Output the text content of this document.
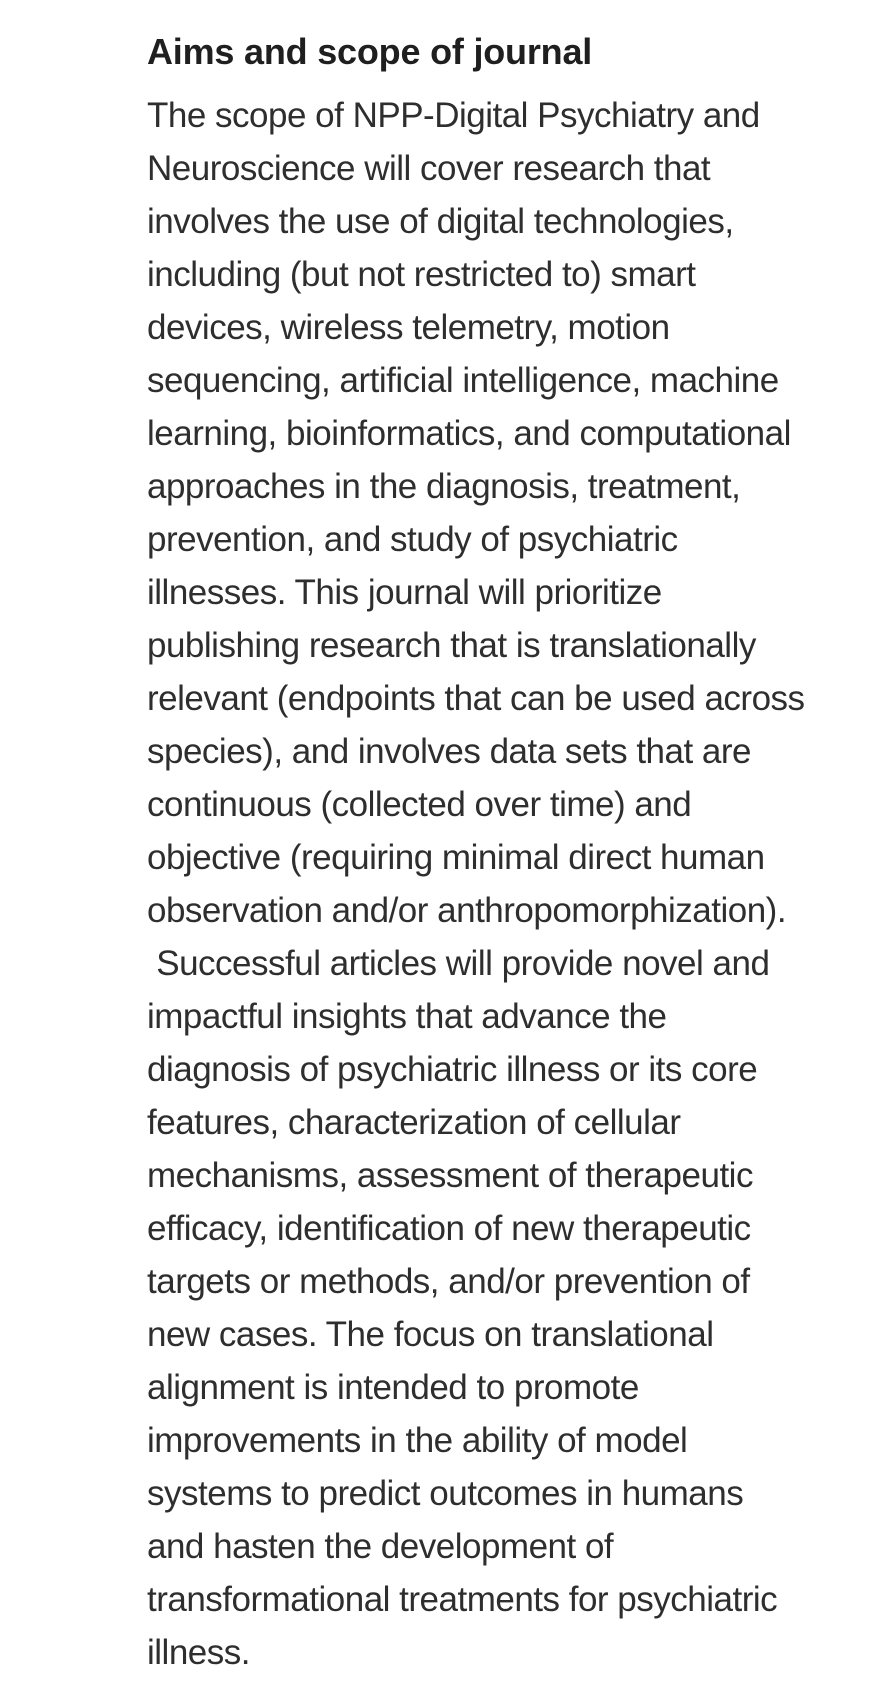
Aims and scope of journal
The scope of NPP-Digital Psychiatry and
Neuroscience will cover research that
involves the use of digital technologies,
including (but not restricted to) smart
devices, wireless telemetry, motion
sequencing, artificial intelligence, machine
learning, bioinformatics, and computational
approaches in the diagnosis, treatment,
prevention, and study of psychiatric
illnesses. This journal will prioritize
publishing research that is translationally
relevant (endpoints that can be used across
species), and involves data sets that are
continuous (collected over time) and
objective (requiring minimal direct human
observation and/or anthropomorphization).
Successful articles will provide novel and
impactful insights that advance the
diagnosis of psychiatric illness or its core
features, characterization of cellular
mechanisms, assessment of therapeutic
efficacy, identification of new therapeutic
targets or methods, and/or prevention of
new cases. The focus on translational
alignment is intended to promote
improvements in the ability of model
systems to predict outcomes in humans
and hasten the development of
transformational treatments for psychiatric
illness.
